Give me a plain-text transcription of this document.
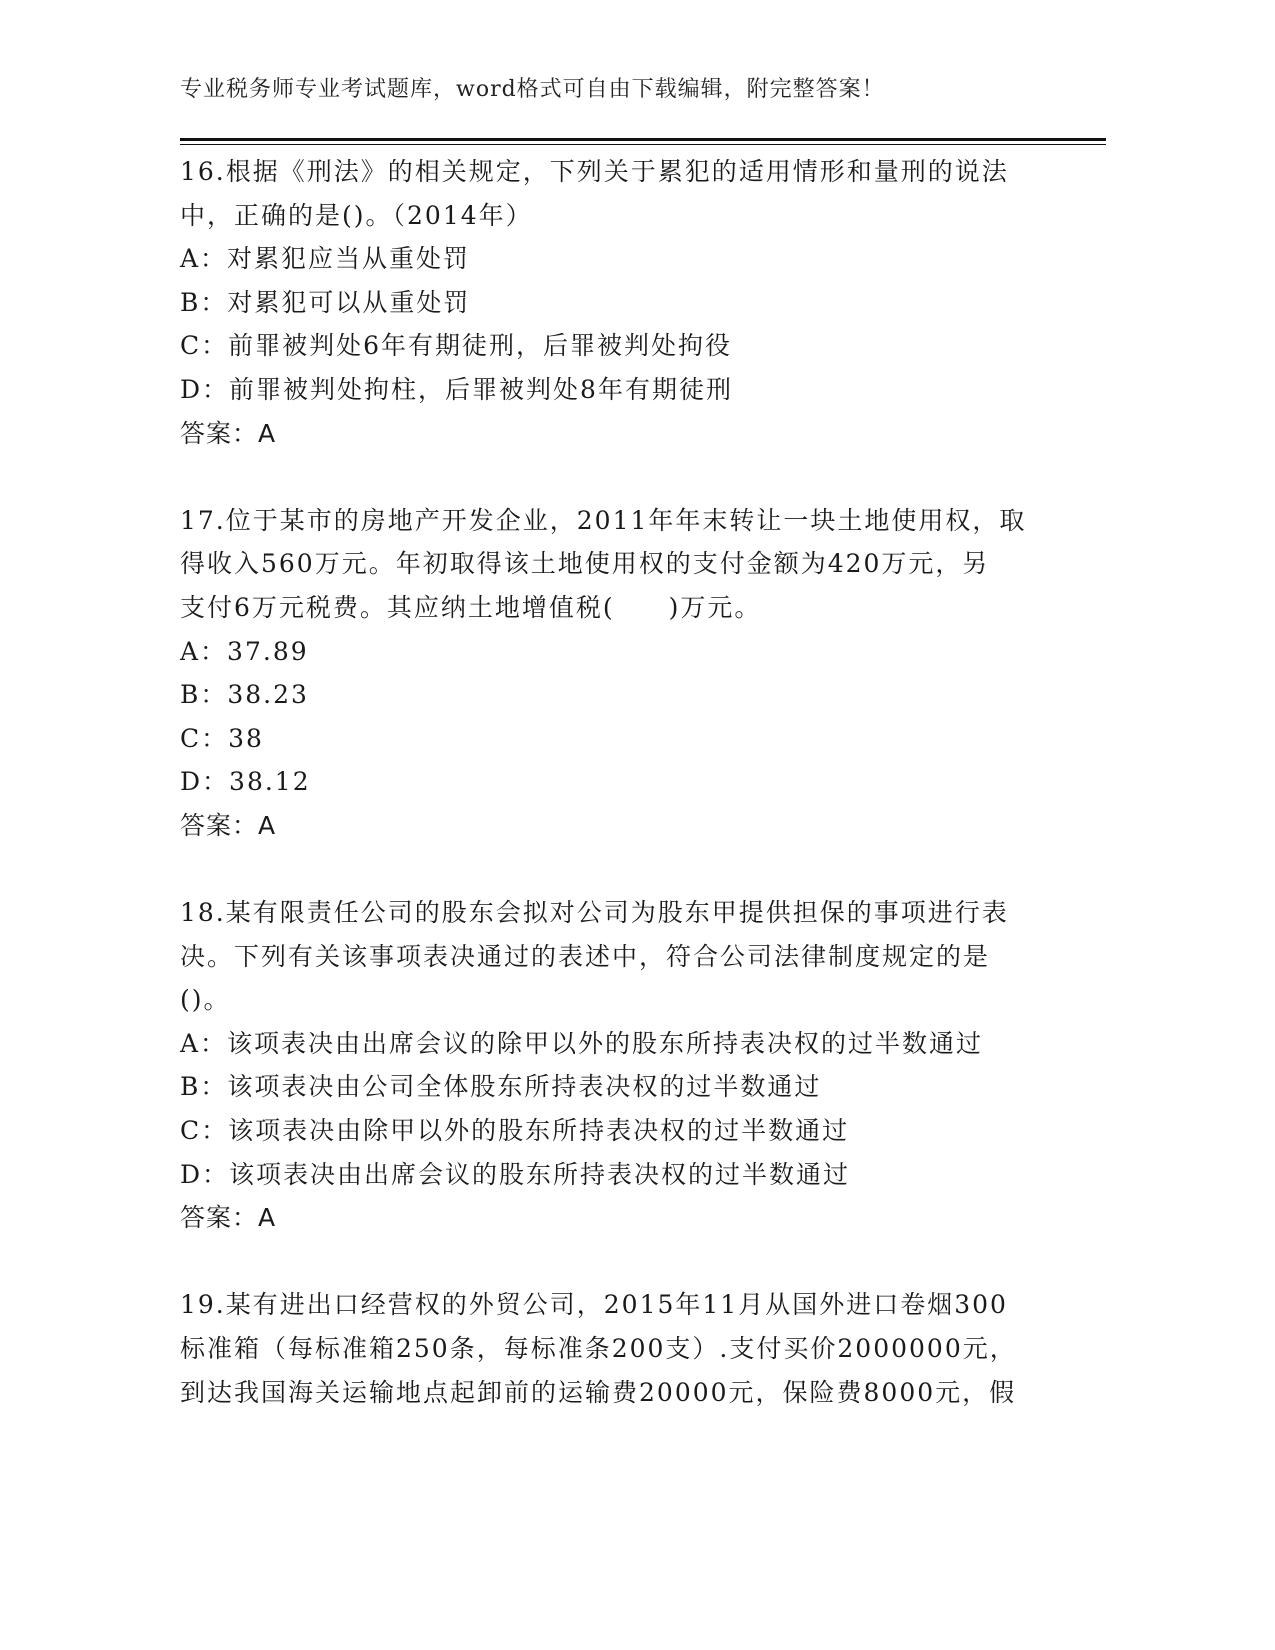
专业税务师专业考试题库，word格式可自由下载编辑，附完整答案！

16.根据《刑法》的相关规定，下列关于累犯的适用情形和量刑的说法

中，正确的是()。（2014年）

A：对累犯应当从重处罚

B：对累犯可以从重处罚

C：前罪被判处6年有期徒刑，后罪被判处拘役

D：前罪被判处拘柱，后罪被判处8年有期徒刑

答案：A

17.位于某市的房地产开发企业，2011年年末转让一块土地使用权，取

得收入560万元。年初取得该土地使用权的支付金额为420万元，另

支付6万元税费。其应纳土地增值税(　　)万元。

A：37.89

B：38.23

C：38

D：38.12

答案：A

18.某有限责任公司的股东会拟对公司为股东甲提供担保的事项进行表

决。下列有关该事项表决通过的表述中，符合公司法律制度规定的是

()。

A：该项表决由出席会议的除甲以外的股东所持表决权的过半数通过

B：该项表决由公司全体股东所持表决权的过半数通过

C：该项表决由除甲以外的股东所持表决权的过半数通过

D：该项表决由出席会议的股东所持表决权的过半数通过

答案：A

19.某有进出口经营权的外贸公司，2015年11月从国外进口卷烟300

标准箱（每标准箱250条，每标准条200支）.支付买价2000000元，

到达我国海关运输地点起卸前的运输费20000元，保险费8000元，假
